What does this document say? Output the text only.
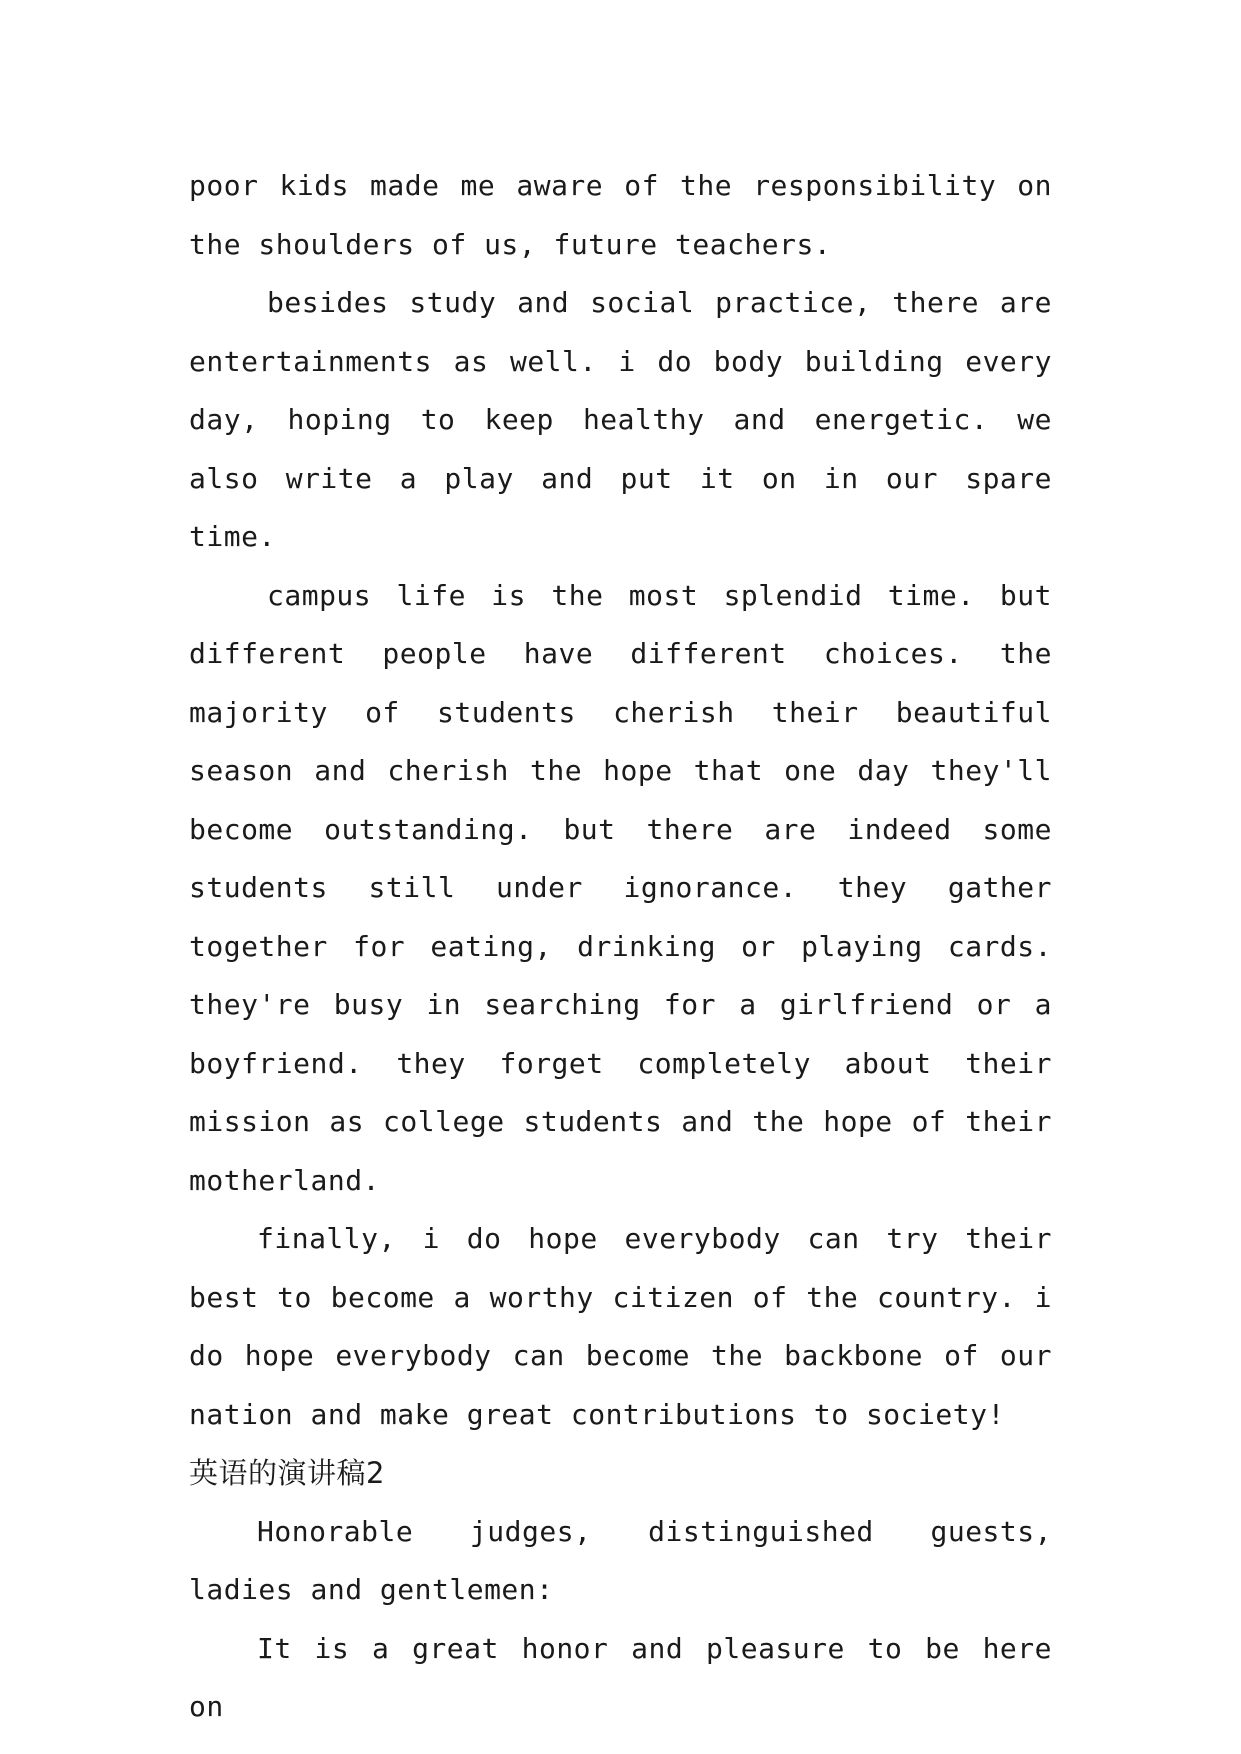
poor kids made me aware of the responsibility on the shoulders of us, future teachers.

besides study and social practice, there are entertainments as well. i do body building every day, hoping to keep healthy and energetic. we also write a play and put it on in our spare time.

campus life is the most splendid time. but different people have different choices. the majority of students cherish their beautiful season and cherish the hope that one day they'll become outstanding. but there are indeed some students still under ignorance. they gather together for eating, drinking or playing cards. they're busy in searching for a girlfriend or a boyfriend. they forget completely about their mission as college students and the hope of their motherland.

finally, i do hope everybody can try their best to become a worthy citizen of the country. i do hope everybody can become the backbone of our nation and make great contributions to society!

英语的演讲稿2

Honorable judges, distinguished guests, ladies and gentlemen:

It is a great honor and pleasure to be here on
